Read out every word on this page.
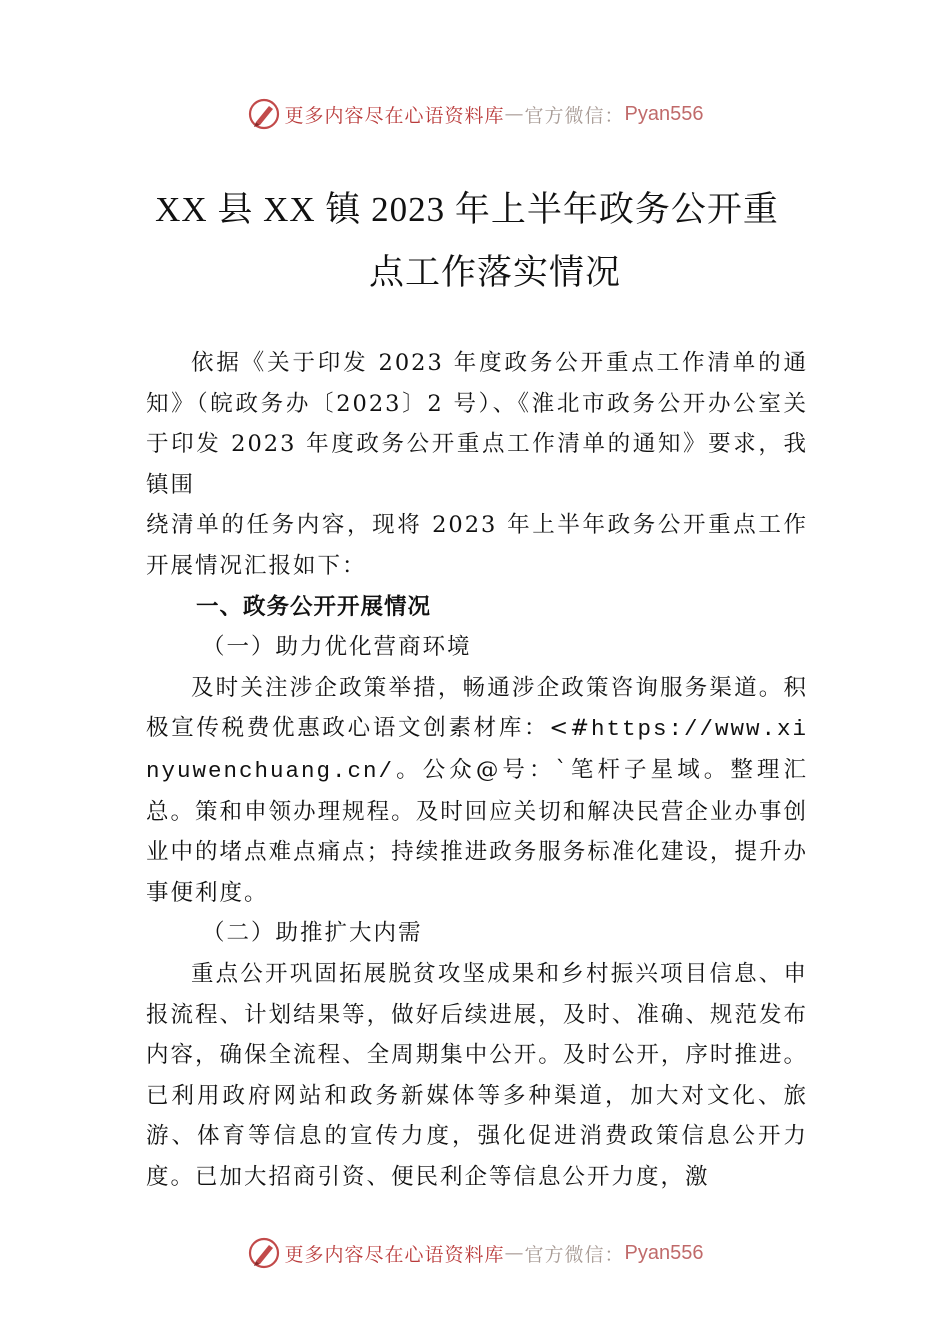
更多内容尽在心语资料库 — 官方微信： Pyan556
XX 县 XX 镇 2023 年上半年政务公开重
点工作落实情况

依据《关于印发 2023 年度政务公开重点工作清单的通知》（皖政务办〔2023〕2 号）、《淮北市政务公开办公室关于印发 2023 年度政务公开重点工作清单的通知》要求，我镇围

绕清单的任务内容，现将 2023 年上半年政务公开重点工作开展情况汇报如下：

一、政务公开开展情况

（一）助力优化营商环境

及时关注涉企政策举措，畅通涉企政策咨询服务渠道。积极宣传税费优惠政心语文创素材库：<#https://www.xinyuwenchuang.cn/。公众@号：`笔杆子星域。整理汇总。策和申领办理规程。及时回应关切和解决民营企业办事创业中的堵点难点痛点；持续推进政务服务标准化建设，提升办事便利度。

（二）助推扩大内需

重点公开巩固拓展脱贫攻坚成果和乡村振兴项目信息、申报流程、计划结果等，做好后续进展，及时、准确、规范发布内容，确保全流程、全周期集中公开。及时公开，序时推进。已利用政府网站和政务新媒体等多种渠道，加大对文化、旅游、体育等信息的宣传力度，强化促进消费政策信息公开力度。已加大招商引资、便民利企等信息公开力度，激

更多内容尽在心语资料库 — 官方微信： Pyan556
